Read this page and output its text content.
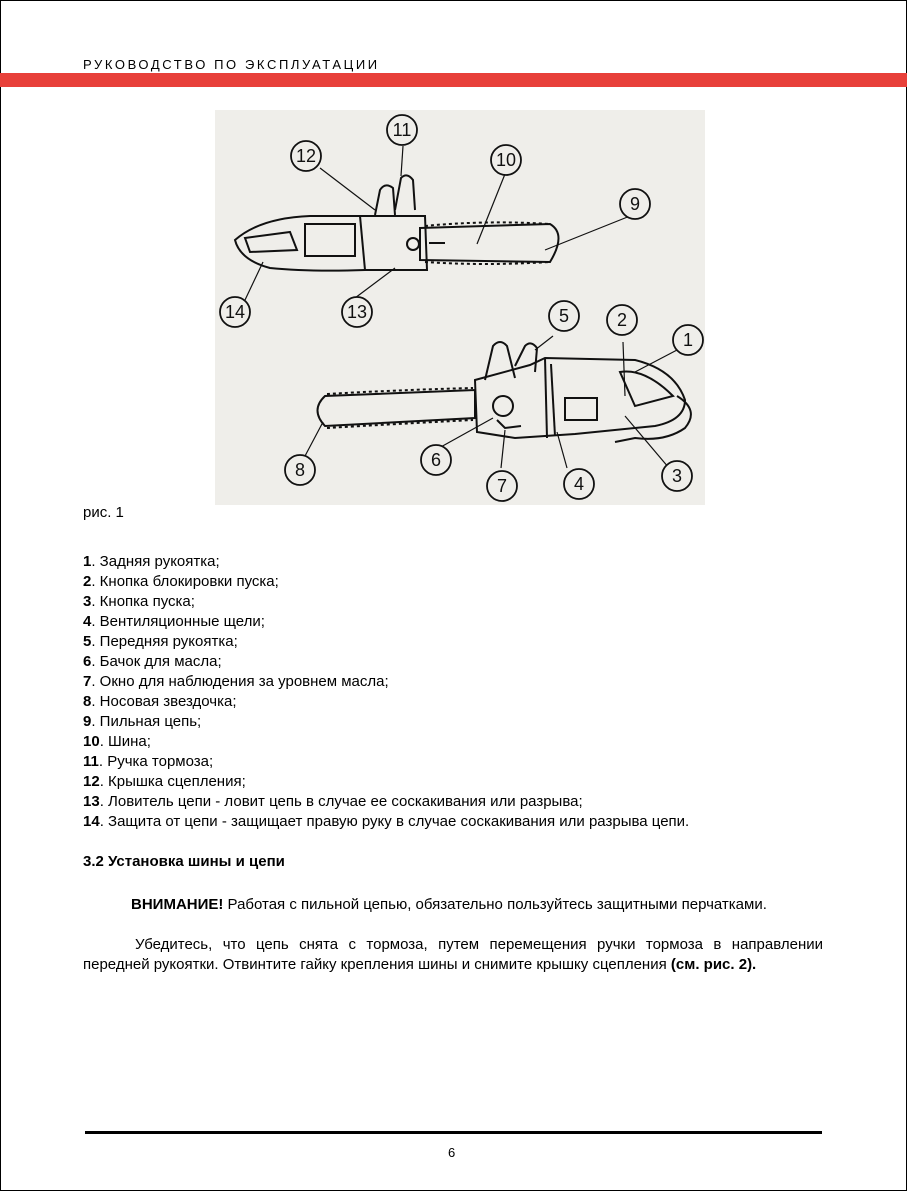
РУКОВОДСТВО ПО ЭКСПЛУАТАЦИИ
11
12	10
9
14	13	5	2
1
6
8
7	4	3
рис. 1
1. Задняя рукоятка;
2. Кнопка блокировки пуска;
3. Кнопка пуска;
4. Вентиляционные щели;
5. Передняя рукоятка;
6. Бачок для масла;
7. Окно для наблюдения за уровнем масла;
8. Носовая звездочка;
9. Пильная цепь;
10. Шина;
11. Ручка тормоза;
12. Крышка сцепления;
13. Ловитель цепи - ловит цепь в случае ее соскакивания или разрыва;
14. Защита от цепи - защищает правую руку в случае соскакивания или разрыва цепи.
3.2 Установка шины и цепи

ВНИМАНИЕ! Работая с пильной цепью, обязательно пользуйтесь защитными перчатками.

Убедитесь, что цепь снята с тормоза, путем перемещения ручки тормоза в направлении передней рукоятки. Отвинтите гайку крепления шины и снимите крышку сцепления (см. рис. 2).

6
